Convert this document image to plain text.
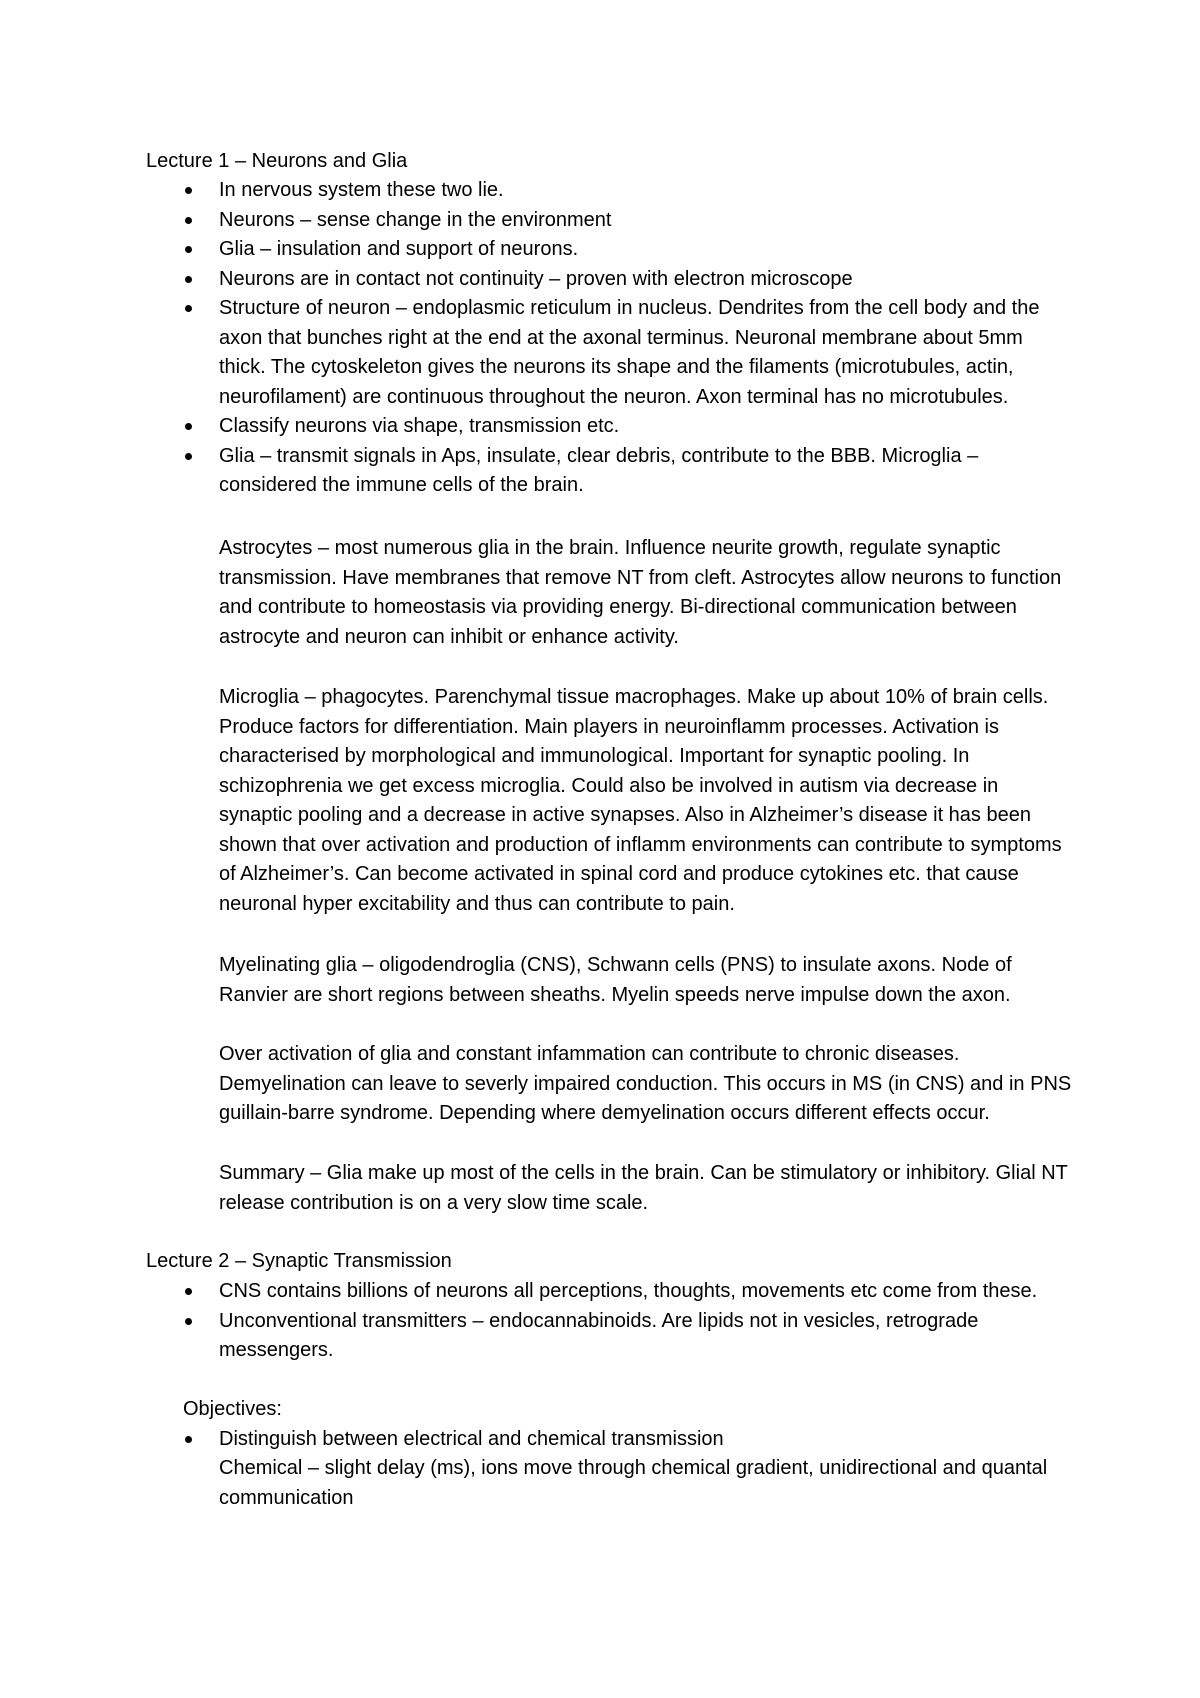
Lecture 1 – Neurons and Glia
In nervous system these two lie.
Neurons – sense change in the environment
Glia – insulation and support of neurons.
Neurons are in contact not continuity – proven with electron microscope
Structure of neuron – endoplasmic reticulum in nucleus. Dendrites from the cell body and the axon that bunches right at the end at the axonal terminus. Neuronal membrane about 5mm thick. The cytoskeleton gives the neurons its shape and the filaments (microtubules, actin, neurofilament) are continuous throughout the neuron. Axon terminal has no microtubules.
Classify neurons via shape, transmission etc.
Glia – transmit signals in Aps, insulate, clear debris, contribute to the BBB. Microglia – considered the immune cells of the brain.

Astrocytes – most numerous glia in the brain. Influence neurite growth, regulate synaptic transmission. Have membranes that remove NT from cleft. Astrocytes allow neurons to function and contribute to homeostasis via providing energy. Bi-directional communication between astrocyte and neuron can inhibit or enhance activity.

Microglia – phagocytes. Parenchymal tissue macrophages. Make up about 10% of brain cells. Produce factors for differentiation. Main players in neuroinflamm processes. Activation is characterised by morphological and immunological. Important for synaptic pooling. In schizophrenia we get excess microglia. Could also be involved in autism via decrease in synaptic pooling and a decrease in active synapses. Also in Alzheimer’s disease it has been shown that over activation and production of inflamm environments can contribute to symptoms of Alzheimer’s. Can become activated in spinal cord and produce cytokines etc. that cause neuronal hyper excitability and thus can contribute to pain.

Myelinating glia – oligodendroglia (CNS), Schwann cells (PNS) to insulate axons. Node of Ranvier are short regions between sheaths. Myelin speeds nerve impulse down the axon.

Over activation of glia and constant infammation can contribute to chronic diseases. Demyelination can leave to severly impaired conduction. This occurs in MS (in CNS) and in PNS guillain-barre syndrome. Depending where demyelination occurs different effects occur.

Summary – Glia make up most of the cells in the brain. Can be stimulatory or inhibitory. Glial NT release contribution is on a very slow time scale.

Lecture 2 – Synaptic Transmission
CNS contains billions of neurons all perceptions, thoughts, movements etc come from these.
Unconventional transmitters – endocannabinoids. Are lipids not in vesicles, retrograde messengers.

Objectives:

Distinguish between electrical and chemical transmission

Chemical – slight delay (ms), ions move through chemical gradient, unidirectional and quantal communication
